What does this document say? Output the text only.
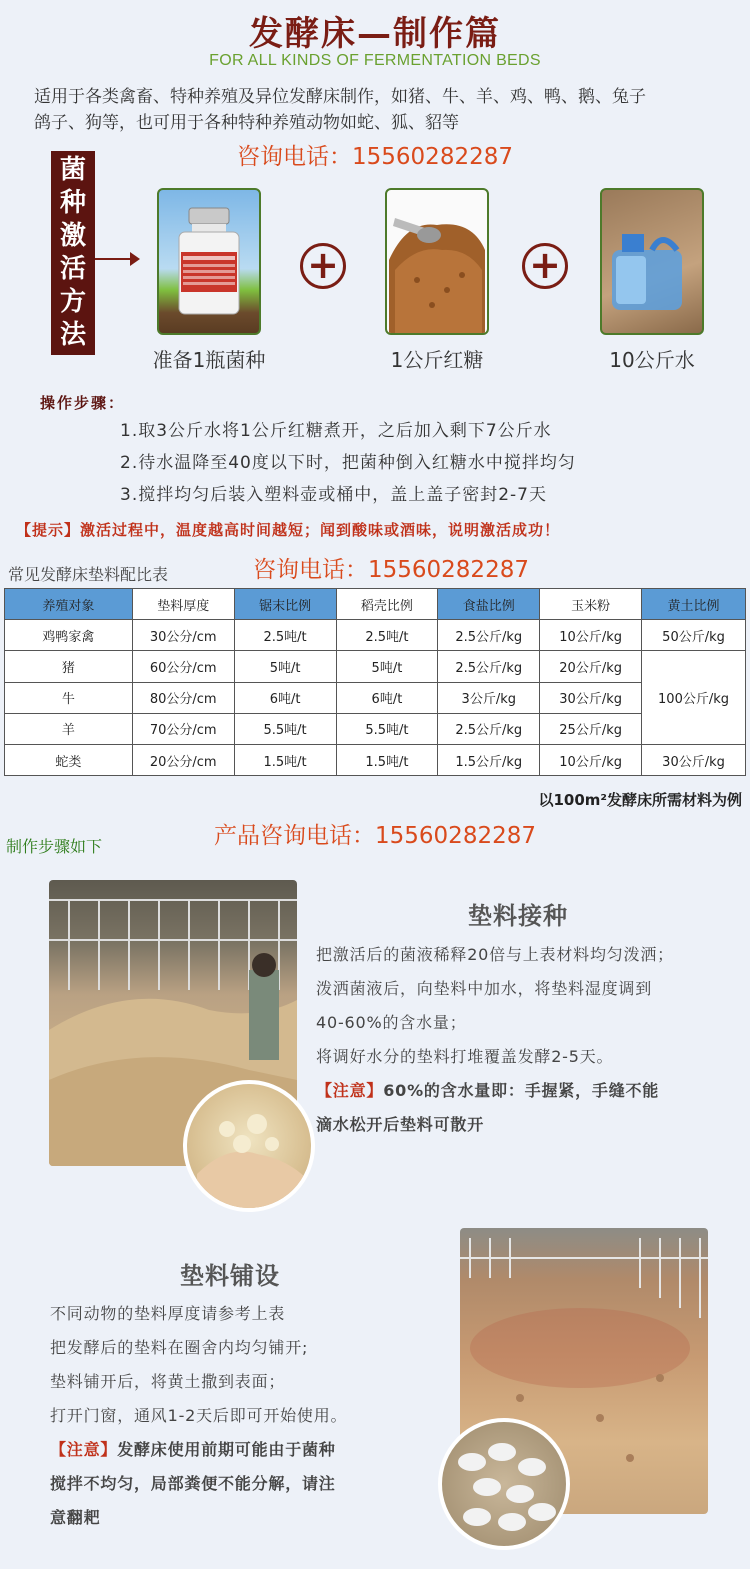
发酵床—制作篇
FOR ALL KINDS OF FERMENTATION BEDS
适用于各类禽畜、特种养殖及异位发酵床制作，如猪、牛、羊、鸡、鸭、鹅、兔子
鸽子、狗等，也可用于各种特种养殖动物如蛇、狐、貂等
咨询电话：15560282287
菌种激活方法
+	+
准备1瓶菌种	1公斤红糖	10公斤水
操作步骤：
1.取3公斤水将1公斤红糖煮开，之后加入剩下7公斤水
2.待水温降至40度以下时，把菌种倒入红糖水中搅拌均匀
3.搅拌均匀后装入塑料壶或桶中，盖上盖子密封2-7天
【提示】激活过程中，温度越高时间越短；闻到酸味或酒味，说明激活成功！
常见发酵床垫料配比表	咨询电话：15560282287
养殖对象	垫料厚度	锯末比例	稻壳比例	食盐比例	玉米粉	黄土比例
鸡鸭家禽	30公分/cm	2.5吨/t	2.5吨/t	2.5公斤/kg	10公斤/kg	50公斤/kg
猪	60公分/cm	5吨/t	5吨/t	2.5公斤/kg	20公斤/kg	100公斤/kg
牛	80公分/cm	6吨/t	6吨/t	3公斤/kg	30公斤/kg	
羊	70公分/cm	5.5吨/t	5.5吨/t	2.5公斤/kg	25公斤/kg	
蛇类	20公分/cm	1.5吨/t	1.5吨/t	1.5公斤/kg	10公斤/kg	30公斤/kg
以100m²发酵床所需材料为例
制作步骤如下	产品咨询电话：15560282287
垫料接种
把激活后的菌液稀释20倍与上表材料均匀泼洒；
泼洒菌液后，向垫料中加水，将垫料湿度调到
40-60%的含水量；
将调好水分的垫料打堆覆盖发酵2-5天。
【注意】60%的含水量即：手握紧，手缝不能
滴水松开后垫料可散开
垫料铺设
不同动物的垫料厚度请参考上表
把发酵后的垫料在圈舍内均匀铺开;
垫料铺开后，将黄土撒到表面；
打开门窗，通风1-2天后即可开始使用。
【注意】发酵床使用前期可能由于菌种
搅拌不均匀，局部粪便不能分解，请注
意翻耙
